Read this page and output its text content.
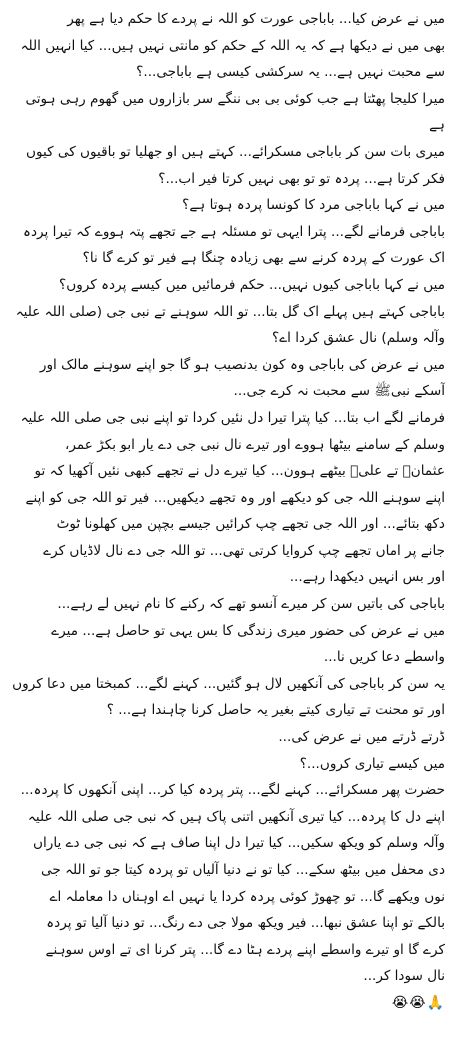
میں نے عرض کیا... باباجی عورت کو اللہ نے پردے کا حکم دیا ہے پھر
بھی میں نے دیکھا ہے کہ یہ اللہ کے حکم کو مانتی نہیں ہیں... کیا انہیں اللہ
سے محبت نہیں ہے... یہ سرکشی کیسی ہے باباجی...؟
میرا کلیجا پھٹتا ہے جب کوئی بی بی ننگے سر بازاروں میں گھوم رہی ہوتی
ہے
میری بات سن کر باباجی مسکرائے... کہتے ہیں او جھلیا تو باقیوں کی کیوں
فکر کرتا ہے... پردہ تو تو بھی نہیں کرتا فیر اب...؟
میں نے کہا باباجی مرد کا کونسا پردہ ہوتا ہے؟
باباجی فرمانے لگے... پترا ایہی تو مسئلہ ہے جے تجھے پتہ ہووے کہ تیرا پردہ
اک عورت کے پردہ کرنے سے بھی زیادہ چنگا ہے فیر تو کرے گا نا؟
میں نے کہا باباجی کیوں نہیں... حکم فرمائیں میں کیسے پردہ کروں؟
باباجی کہتے ہیں پہلے اک گل بتا... تو اللہ سوہنے تے نبی جی (صلی اللہ علیہ
وآلہ وسلم) نال عشق کردا اے؟
میں نے عرض کی باباجی وہ کون بدنصیب ہو گا جو اپنے سوہنے مالک اور
آسکے نبیﷺ سے محبت نہ کرے جی...
فرمانے لگے اب بتا... کیا پترا تیرا دل نئیں کردا تو اپنے نبی جی صلی اللہ علیہ
وسلم کے سامنے بیٹھا ہووے اور تیرے نال نبی جی دے یار ابو بکڑ عمر،
عثمانؓ تے علیؓ بیٹھے ہوون... کیا تیرے دل نے تجھے کبھی نئیں آکھیا کہ تو
اپنے سوہنے اللہ جی کو دیکھے اور وہ تجھے دیکھیں... فیر تو اللہ جی کو اپنے
دکھ بتائے... اور اللہ جی تجھے چپ کرائیں جیسے بچپن میں کھلونا ٹوٹ
جانے پر اماں تجھے چپ کروایا کرتی تھی... تو اللہ جی دے نال لاڈیاں کرے
اور بس انہیں دیکھدا رہے...
باباجی کی باتیں سن کر میرے آنسو تھے کہ رکنے کا نام نہیں لے رہے...
میں نے عرض کی حضور میری زندگی کا بس یہی تو حاصل ہے... میرے
واسطے دعا کریں نا...
یہ سن کر باباجی کی آنکھیں لال ہو گئیں... کہنے لگے... کمبختا میں دعا کروں
اور تو محنت تے تیاری کیتے بغیر یہ حاصل کرنا چاہندا ہے... ؟
ڈرتے ڈرتے میں نے عرض کی...
میں کیسے تیاری کروں...؟
حضرت پھر مسکرائے... کہنے لگے... پتر پردہ کیا کر... اپنی آنکھوں کا پردہ...
اپنے دل کا پردہ... کیا تیری آنکھیں اتنی پاک ہیں کہ نبی جی صلی اللہ علیہ
وآلہ وسلم کو ویکھ سکیں... کیا تیرا دل اپنا صاف ہے کہ نبی جی دے یاراں
دی محفل میں بیٹھ سکے... کیا تو نے دنیا آلیاں تو پردہ کیتا جو تو اللہ جی
نوں ویکھے گا... تو چھوڑ کوئی پردہ کردا یا نہیں اے اوہناں دا معاملہ اے
بالکے تو اپنا عشق نبھا... فیر ویکھ مولا جی دے رنگ... تو دنیا آلیا تو پردہ
کرے گا او تیرے واسطے اپنے پردے ہٹا دے گا... پتر کرنا ای تے اوس سوہنے
نال سودا کر...
😭😭🙏
